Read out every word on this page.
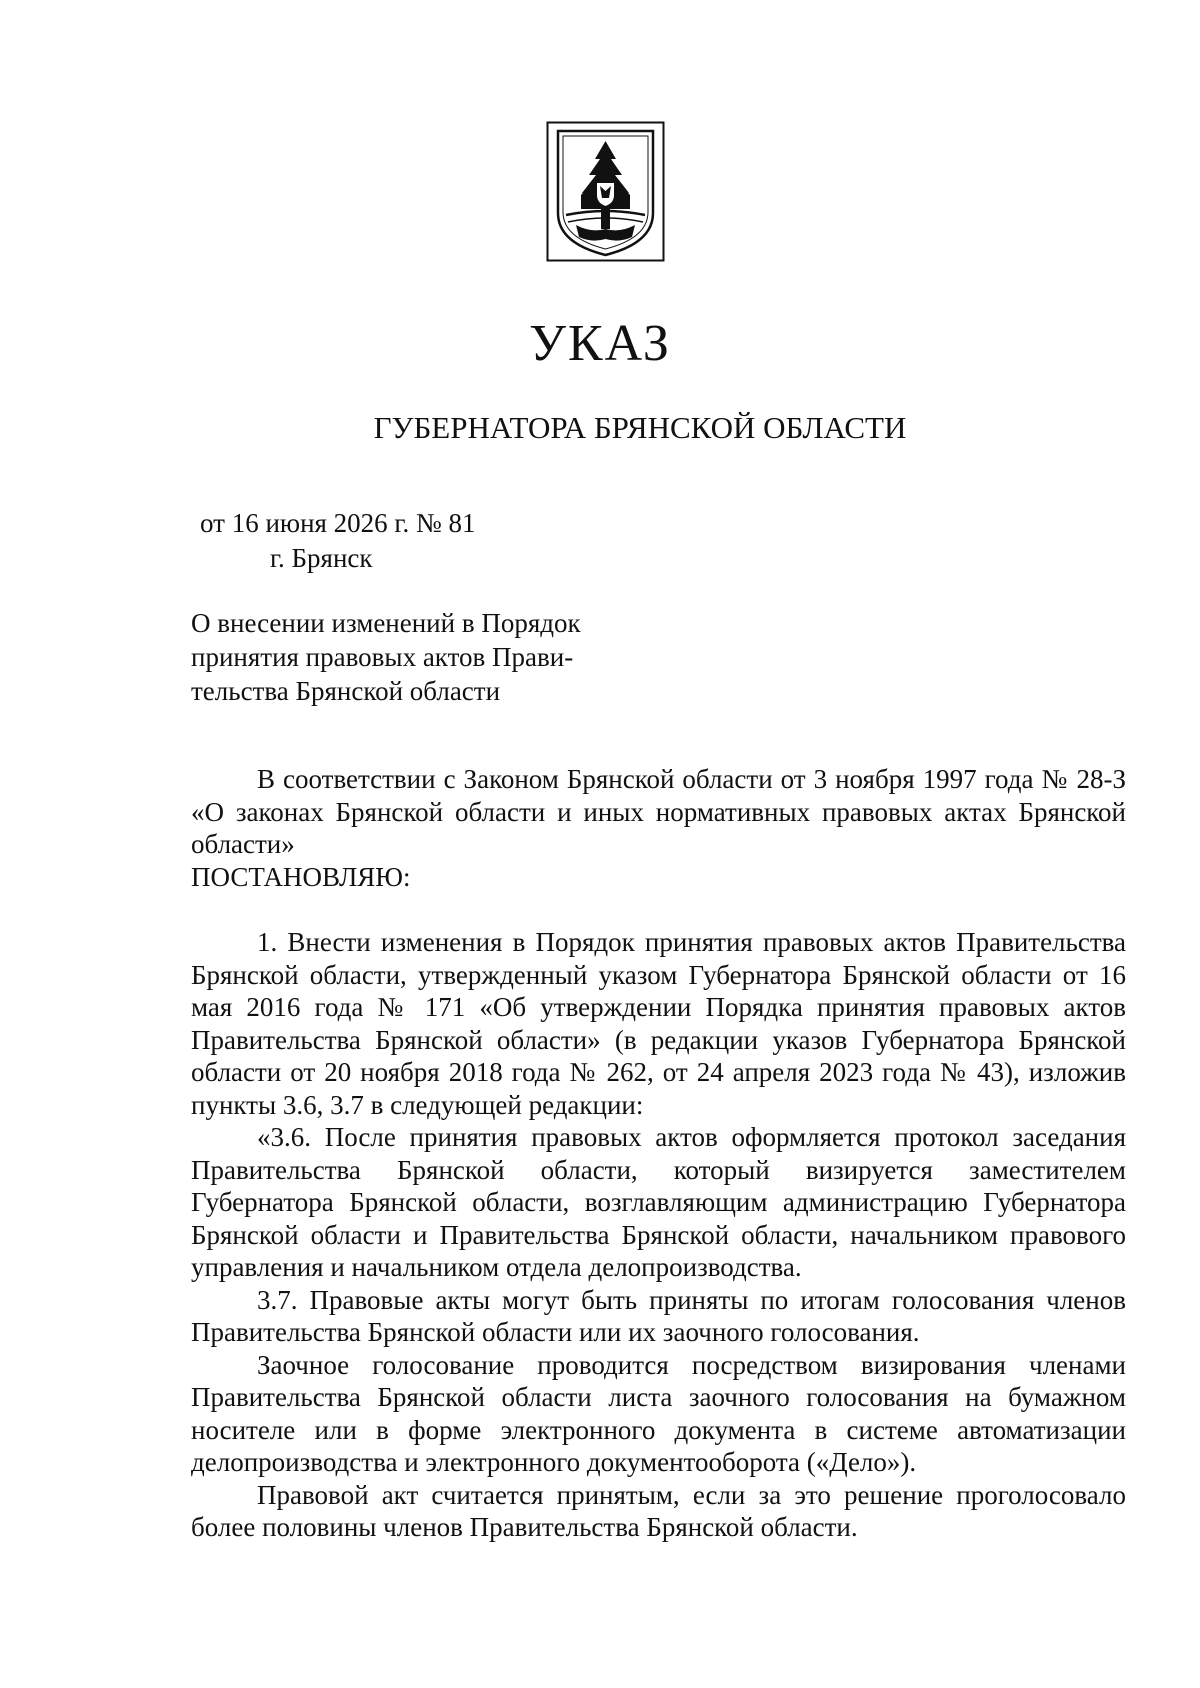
УКАЗ
ГУБЕРНАТОРА БРЯНСКОЙ ОБЛАСТИ
от 16 июня 2026 г. № 81
г. Брянск
О внесении изменений в Порядок
принятия правовых актов Прави-
тельства Брянской области

В соответствии с Законом Брянской области от 3 ноября 1997 года № 28-З «О законах Брянской области и иных нормативных правовых актах Брянской области»

ПОСТАНОВЛЯЮ:

1. Внести изменения в Порядок принятия правовых актов Правительства Брянской области, утвержденный указом Губернатора Брянской области от 16 мая 2016 года № 171 «Об утверждении Порядка принятия правовых актов Правительства Брянской области» (в редакции указов Губернатора Брянской области от 20 ноября 2018 года № 262, от 24 апреля 2023 года № 43), изложив пункты 3.6, 3.7 в следующей редакции:

«3.6. После принятия правовых актов оформляется протокол заседания Правительства Брянской области, который визируется заместителем Губернатора Брянской области, возглавляющим администрацию Губернатора Брянской области и Правительства Брянской области, начальником правового управления и начальником отдела делопроизводства.

3.7. Правовые акты могут быть приняты по итогам голосования членов Правительства Брянской области или их заочного голосования.

Заочное голосование проводится посредством визирования членами Правительства Брянской области листа заочного голосования на бумажном носителе или в форме электронного документа в системе автоматизации делопроизводства и электронного документооборота («Дело»).

Правовой акт считается принятым, если за это решение проголосовало более половины членов Правительства Брянской области.
